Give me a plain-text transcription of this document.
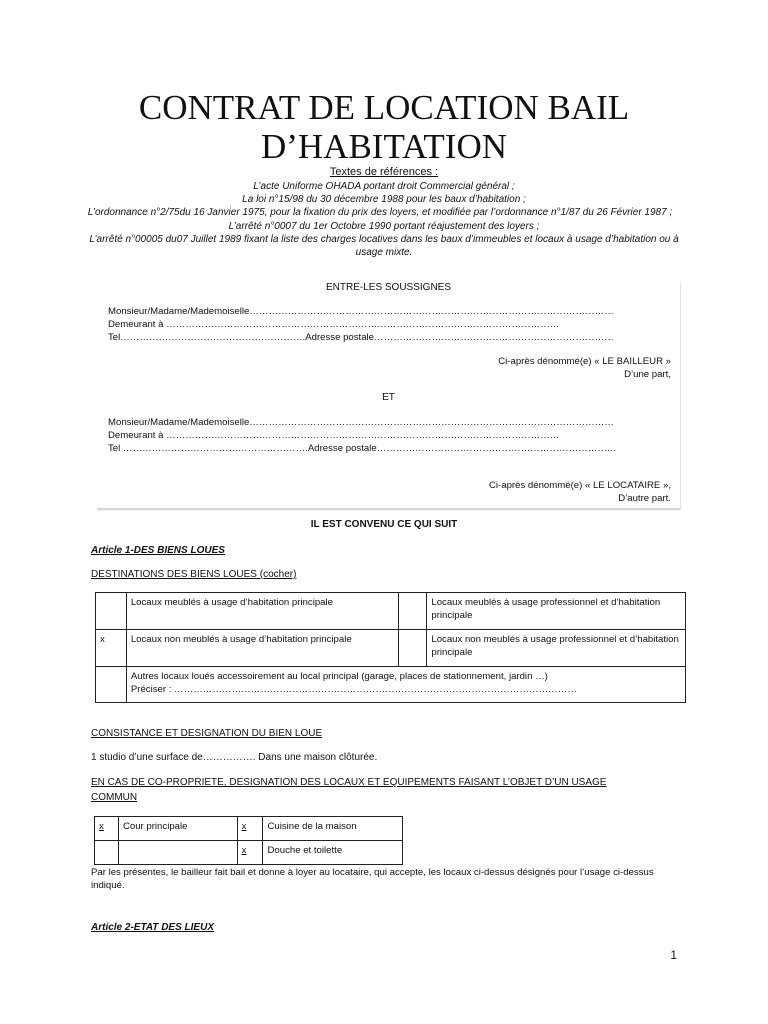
CONTRAT DE LOCATION BAIL
D’HABITATION
Textes de références :
L’acte Uniforme OHADA portant droit Commercial général ;
La loi n°15/98 du 30 décembre 1988 pour les baux d’habitation ;
L’ordonnance n°2/75du 16 Janvier 1975, pour la fixation du prix des loyers, et modifiée par l’ordonnance n°1/87 du 26 Février 1987 ;
L’arrêté n°0007 du 1er Octobre 1990 portant réajustement des loyers ;
L’arrêté n°00005 du07 Juillet 1989 fixant la liste des charges locatives dans les baux d’immeubles et locaux à usage d’habitation ou à
usage mixte.
ENTRE-LES SOUSSIGNES
Monsieur/Madame/Mademoiselle……………………………………………………………………………………………………
Demeurant à ……………………………………………………………………………………………………………
Tel………………………………………………….Adresse postale…………………………………………………………………
Ci-après dénommé(e) « LE BAILLEUR »
D’une part,
ET
Monsieur/Madame/Mademoiselle……………………………………………………………………………………………………
Demeurant à ……………………………………………………………………………………………………………
Tel ………………………………………………….Adresse postale…………………………………………………………………
Ci-après dénommé(e) « LE LOCATAIRE »,
D’autre part.
IL EST CONVENU CE QUI SUIT
Article 1-DES BIENS LOUES
DESTINATIONS DES BIENS LOUES (cocher)
	Locaux meublés à usage d’habitation principale		Locaux meublés à usage professionnel et d’habitation principale
x	Locaux non meublés à usage d’habitation principale		Locaux non meublés à usage professionnel et d’habitation principale

	Autres locaux loués accessoirement au local principal (garage, places de stationnement, jardin …)
Préciser : ………………………………………………………………………………………………………………		
CONSISTANCE ET DESIGNATION DU BIEN LOUE
1 studio d’une surface de……………. Dans une maison clôturée.
EN CAS DE CO-PROPRIETE, DESIGNATION DES LOCAUX ET EQUIPEMENTS FAISANT L’OBJET D’UN USAGE
COMMUN
x	Cour principale	x	Cuisine de la maison
		x	Douche et toilette
Par les présentes, le bailleur fait bail et donne à loyer au locataire, qui accepte, les locaux ci-dessus désignés pour l’usage ci-dessus
indiqué.
Article 2-ETAT DES LIEUX
1
